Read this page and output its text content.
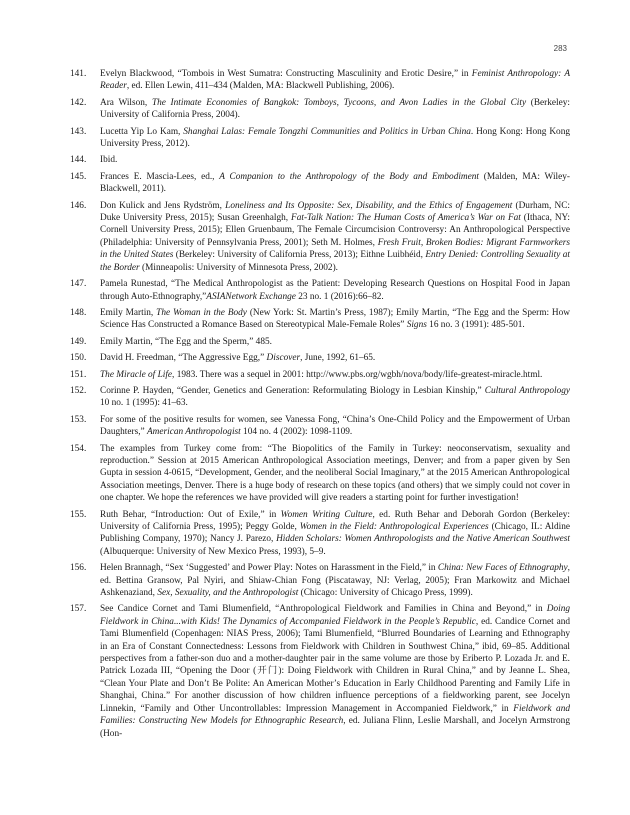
283
141.	Evelyn Blackwood, “Tombois in West Sumatra: Constructing Masculinity and Erotic Desire,” in Feminist Anthropology: A Reader, ed. Ellen Lewin, 411–434 (Malden, MA: Blackwell Publishing, 2006).
142.	Ara Wilson, The Intimate Economies of Bangkok: Tomboys, Tycoons, and Avon Ladies in the Global City (Berkeley: University of California Press, 2004).
143.	Lucetta Yip Lo Kam, Shanghai Lalas: Female Tongzhi Communities and Politics in Urban China. Hong Kong: Hong Kong University Press, 2012).
144.	Ibid.
145.	Frances E. Mascia-Lees, ed., A Companion to the Anthropology of the Body and Embodiment (Malden, MA: Wiley-Blackwell, 2011).
146.	Don Kulick and Jens Rydström, Loneliness and Its Opposite: Sex, Disability, and the Ethics of Engagement (Durham, NC: Duke University Press, 2015); Susan Greenhalgh, Fat-Talk Nation: The Human Costs of America’s War on Fat (Ithaca, NY: Cornell University Press, 2015); Ellen Gruenbaum, The Female Circumcision Controversy: An Anthropological Perspective (Philadelphia: University of Pennsylvania Press, 2001); Seth M. Holmes, Fresh Fruit, Broken Bodies: Migrant Farmworkers in the United States (Berkeley: University of California Press, 2013); Eithne Luibhéid, Entry Denied: Controlling Sexuality at the Border (Minneapolis: University of Minnesota Press, 2002).
147.	Pamela Runestad, “The Medical Anthropologist as the Patient: Developing Research Questions on Hospital Food in Japan through Auto-Ethnography,”ASIANetwork Exchange 23 no. 1 (2016):66–82.
148.	Emily Martin, The Woman in the Body (New York: St. Martin’s Press, 1987); Emily Martin, “The Egg and the Sperm: How Science Has Constructed a Romance Based on Stereotypical Male-Female Roles” Signs 16 no. 3 (1991): 485-501.
149.	Emily Martin, “The Egg and the Sperm,” 485.
150.	David H. Freedman, “The Aggressive Egg,” Discover, June, 1992, 61–65.
151.	The Miracle of Life, 1983. There was a sequel in 2001: http://www.pbs.org/wgbh/nova/body/life-greatest-miracle.html.
152.	Corinne P. Hayden, “Gender, Genetics and Generation: Reformulating Biology in Lesbian Kinship,” Cultural Anthropology 10 no. 1 (1995): 41–63.
153.	For some of the positive results for women, see Vanessa Fong, “China’s One-Child Policy and the Empowerment of Urban Daughters,” American Anthropologist 104 no. 4 (2002): 1098-1109.
154.	The examples from Turkey come from: “The Biopolitics of the Family in Turkey: neoconservatism, sexuality and reproduction.” Session at 2015 American Anthropological Association meetings, Denver; and from a paper given by Sen Gupta in session 4-0615, “Development, Gender, and the neoliberal Social Imaginary,” at the 2015 American Anthropological Association meetings, Denver. There is a huge body of research on these topics (and others) that we simply could not cover in one chapter. We hope the references we have provided will give readers a starting point for further investigation!
155.	Ruth Behar, “Introduction: Out of Exile,” in Women Writing Culture, ed. Ruth Behar and Deborah Gordon (Berkeley: University of California Press, 1995); Peggy Golde, Women in the Field: Anthropological Experiences (Chicago, IL: Aldine Publishing Company, 1970); Nancy J. Parezo, Hidden Scholars: Women Anthropologists and the Native American Southwest (Albuquerque: University of New Mexico Press, 1993), 5–9.
156.	Helen Brannagh, “Sex ‘Suggested’ and Power Play: Notes on Harassment in the Field,” in China: New Faces of Ethnography, ed. Bettina Gransow, Pal Nyiri, and Shiaw-Chian Fong (Piscataway, NJ: Verlag, 2005); Fran Markowitz and Michael Ashkenaziand, Sex, Sexuality, and the Anthropologist (Chicago: University of Chicago Press, 1999).
157.	See Candice Cornet and Tami Blumenfield, “Anthropological Fieldwork and Families in China and Beyond,” in Doing Fieldwork in China...with Kids! The Dynamics of Accompanied Fieldwork in the People’s Republic, ed. Candice Cornet and Tami Blumenfield (Copenhagen: NIAS Press, 2006); Tami Blumenfield, “Blurred Boundaries of Learning and Ethnography in an Era of Constant Connectedness: Lessons from Fieldwork with Children in Southwest China,” ibid, 69–85. Additional perspectives from a father-son duo and a mother-daughter pair in the same volume are those by Eriberto P. Lozada Jr. and E. Patrick Lozada III, “Opening the Door (开门): Doing Fieldwork with Children in Rural China,” and by Jeanne L. Shea, “Clean Your Plate and Don’t Be Polite: An American Mother’s Education in Early Childhood Parenting and Family Life in Shanghai, China.” For another discussion of how children influence perceptions of a fieldworking parent, see Jocelyn Linnekin, “Family and Other Uncontrollables: Impression Management in Accompanied Fieldwork,” in Fieldwork and Families: Constructing New Models for Ethnographic Research, ed. Juliana Flinn, Leslie Marshall, and Jocelyn Armstrong (Hon-
